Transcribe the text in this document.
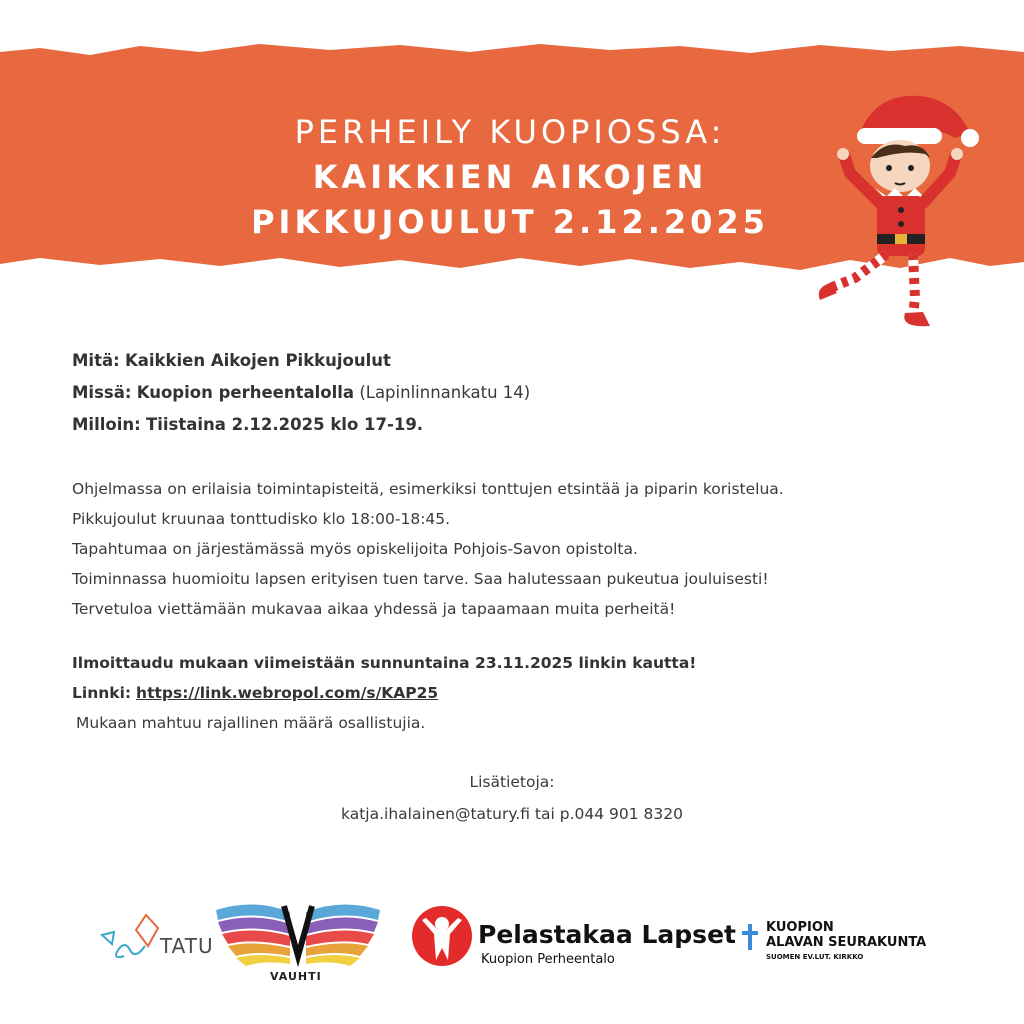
PERHEILY KUOPIOSSA:
KAIKKIEN AIKOJEN
PIKKUJOULUT 2.12.2025
Mitä: Kaikkien Aikojen Pikkujoulut
Missä: Kuopion perheentalolla (Lapinlinnankatu 14)
Milloin: Tiistaina 2.12.2025 klo 17-19.
Ohjelmassa on erilaisia toimintapisteitä, esimerkiksi tonttujen etsintää ja piparin koristelua.
Pikkujoulut kruunaa tonttudisko klo 18:00-18:45.
Tapahtumaa on järjestämässä myös opiskelijoita Pohjois-Savon opistolta.
Toiminnassa huomioitu lapsen erityisen tuen tarve. Saa halutessaan pukeutua jouluisesti!
Tervetuloa viettämään mukavaa aikaa yhdessä ja tapaamaan muita perheitä!
Ilmoittaudu mukaan viimeistään sunnuntaina 23.11.2025 linkin kautta!
Linnki: https://link.webropol.com/s/KAP25
Mukaan mahtuu rajallinen määrä osallistujia.
Lisätietoja:
katja.ihalainen@tatury.fi tai p.044 901 8320
TATU
VAUHTI
Pelastakaa Lapset
Kuopion Perheentalo
KUOPION
ALAVAN SEURAKUNTA
SUOMEN EV.LUT. KIRKKO
